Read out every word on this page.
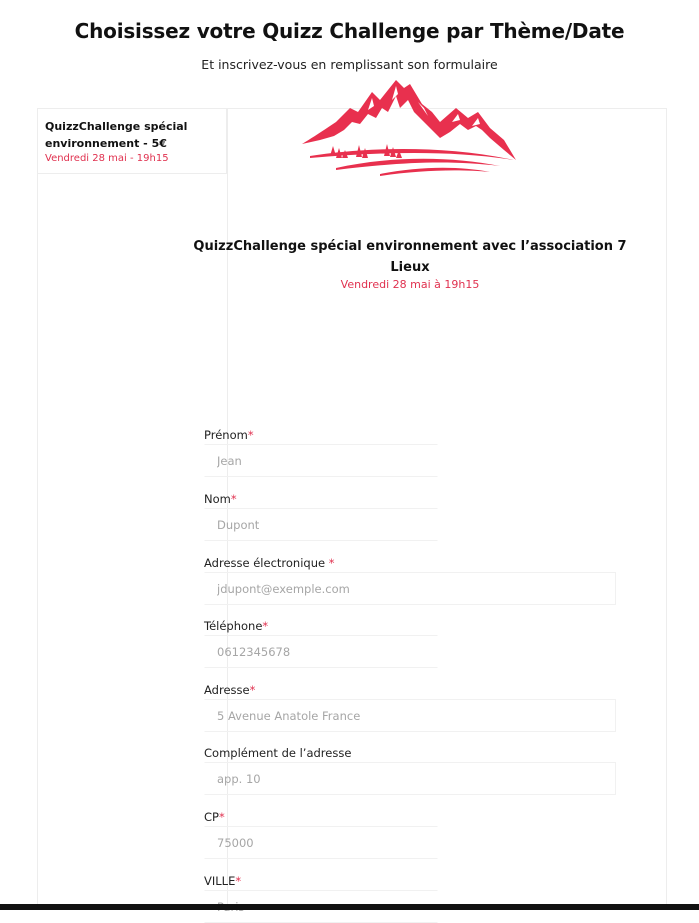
Choisissez votre Quizz Challenge par Thème/Date
Et inscrivez-vous en remplissant son formulaire
QuizzChallenge spécial environnement - 5€
Vendredi 28 mai - 19h15
QuizzChallenge spécial environnement avec l’association 7 Lieux
Vendredi 28 mai à 19h15
Prénom*
Jean
Nom*
Dupont
Adresse électronique *
jdupont@exemple.com
Téléphone*
0612345678
Adresse*
5 Avenue Anatole France
Complément de l’adresse
app. 10
CP*
75000
VILLE*
Paris
